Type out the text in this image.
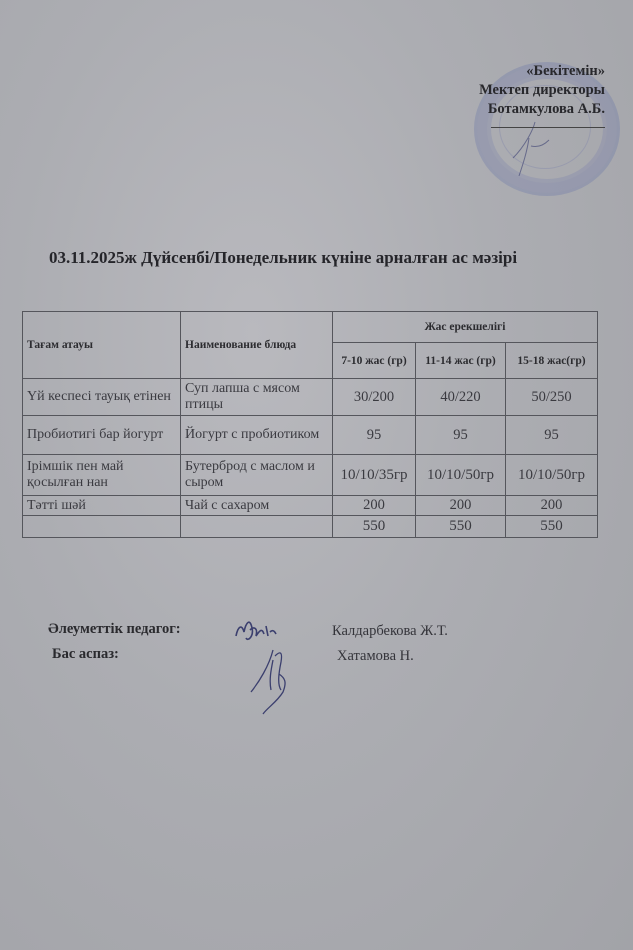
«Бекітемін»
Мектеп директоры
Ботамкулова А.Б.
03.11.2025ж Дүйсенбі/Понедельник күніне арналған ас мәзірі
Тағам атауы	Наименование блюда	Жас ерекшелігі		
		7-10 жас (гр)	11-14 жас (гр)	15-18 жас(гр)
Үй кеспесі тауық етінен	Суп лапша с мясом птицы	30/200	40/220	50/250
Пробиотигі бар йогурт	Йогурт с пробиотиком	95	95	95
Ірімшік пен май қосылған нан	Бутерброд с маслом и сыром	10/10/35гр	10/10/50гр	10/10/50гр
Тәтті шәй	Чай с сахаром	200	200	200
		550	550	550
Әлеуметтік педагог:	Калдарбекова Ж.Т.
Бас аспаз:	Хатамова Н.
